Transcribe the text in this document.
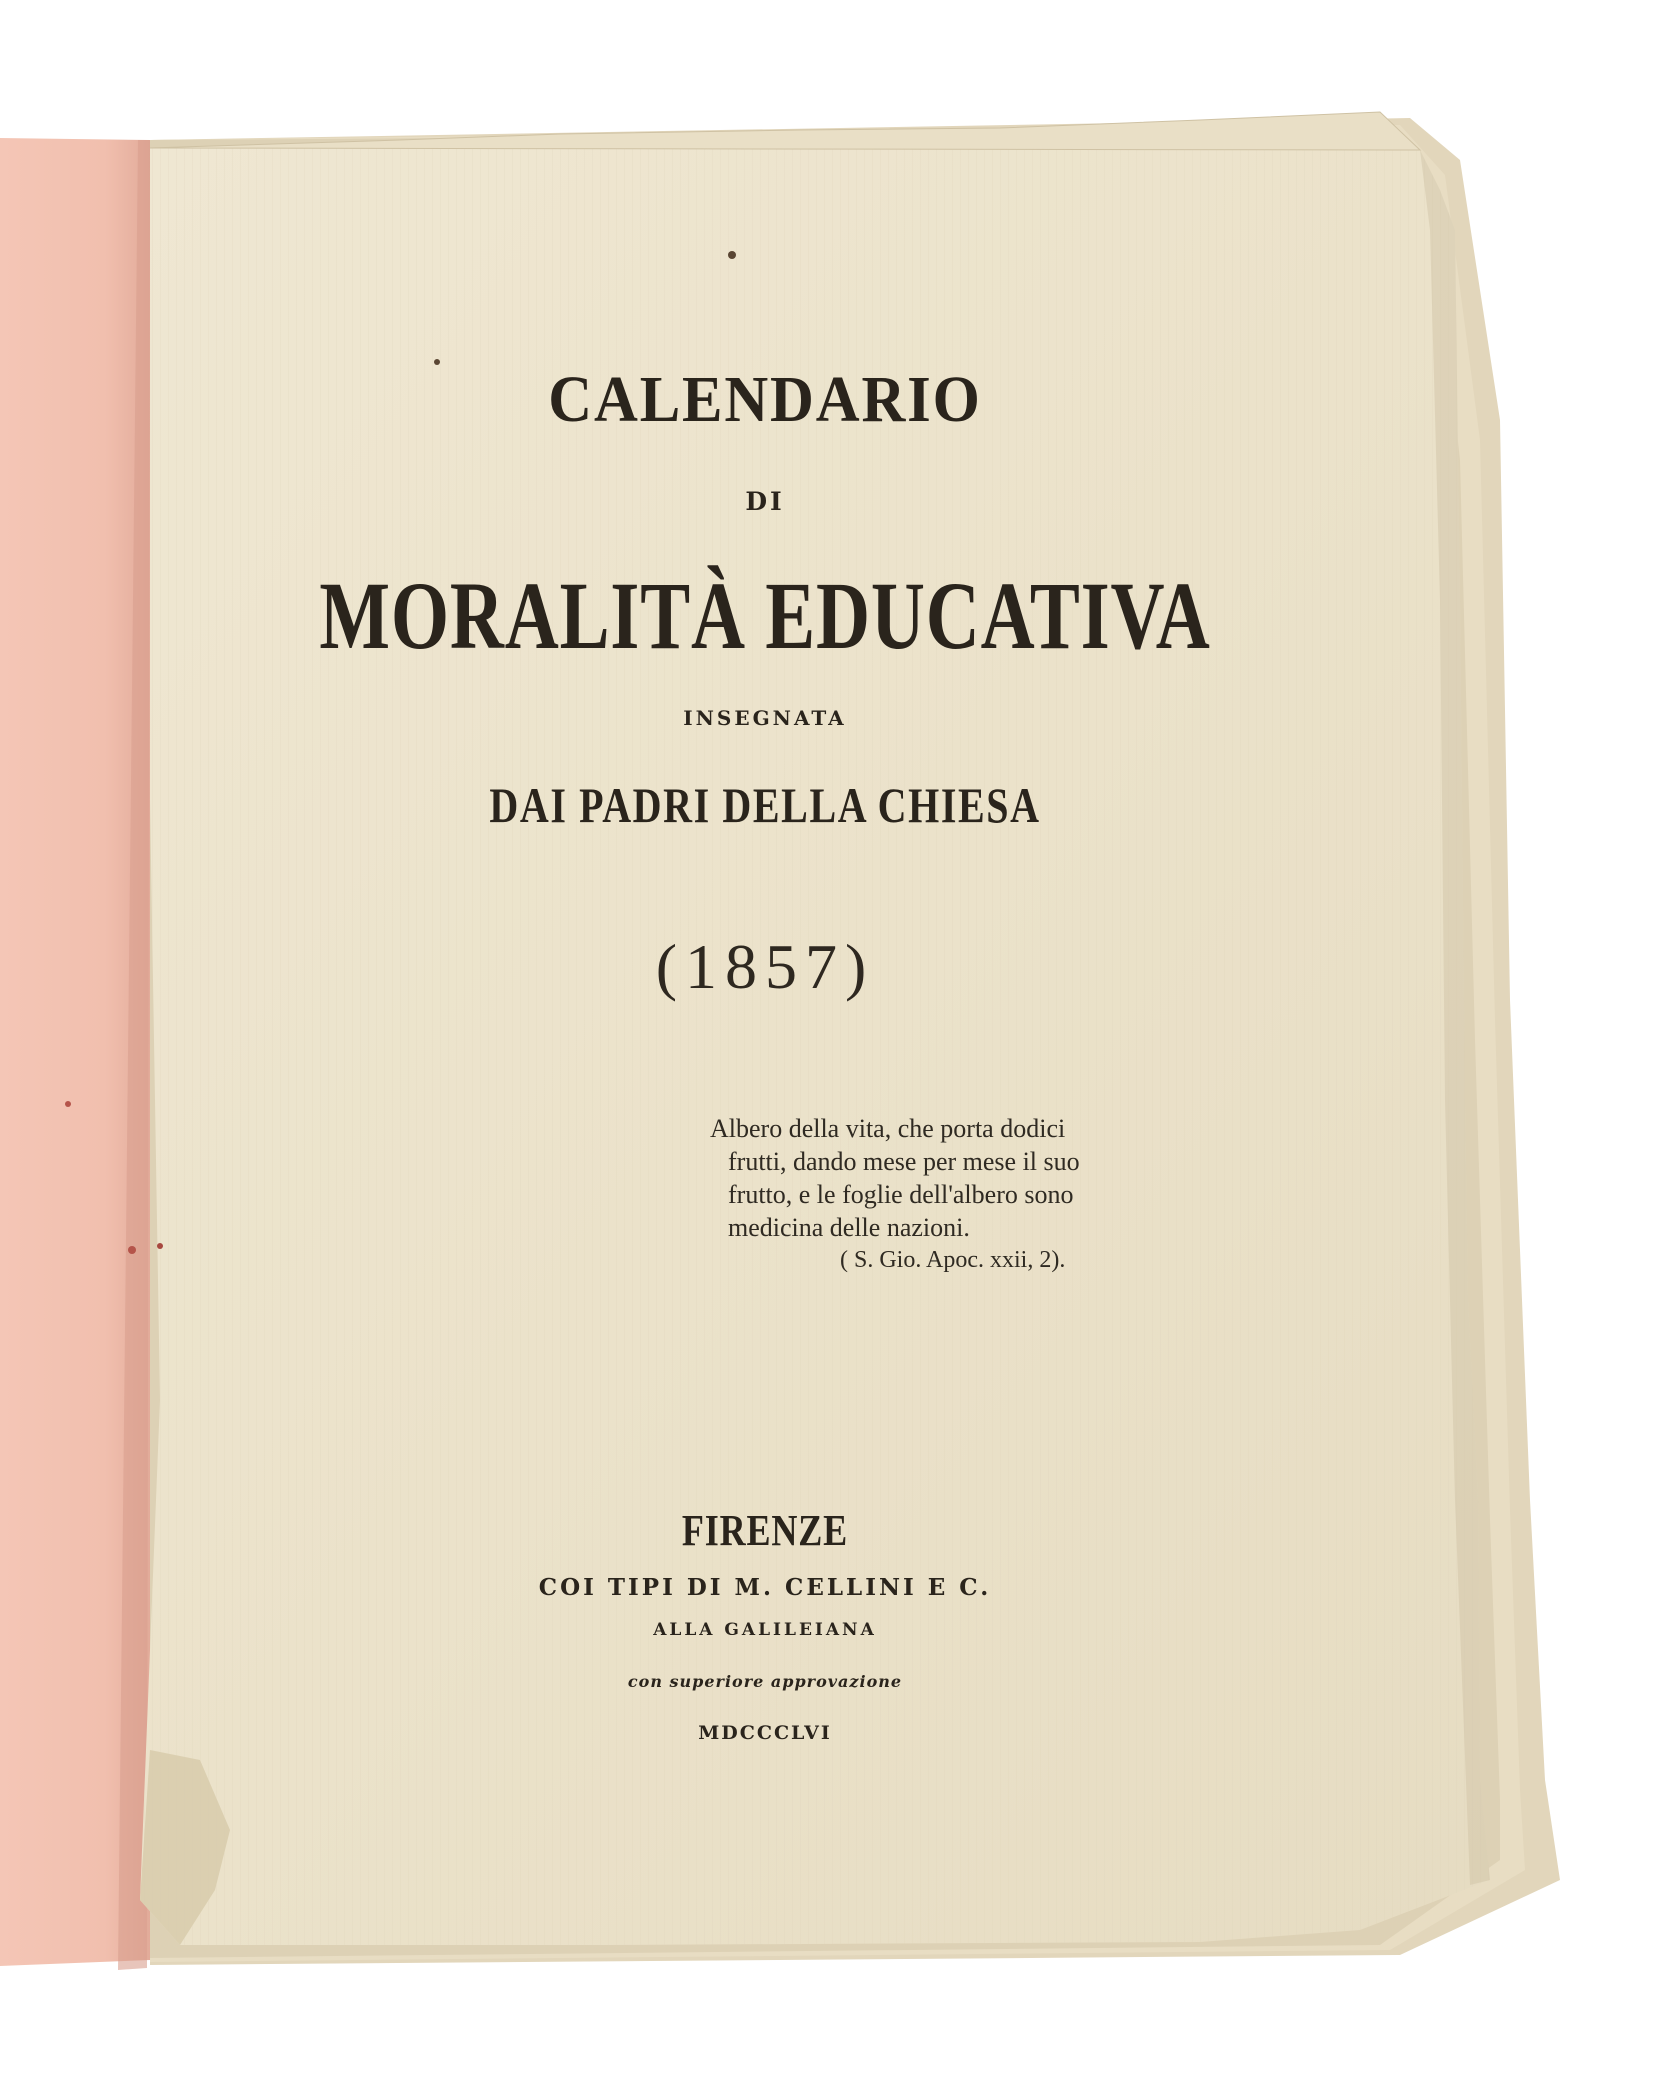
CALENDARIO
DI
MORALITÀ EDUCATIVA
INSEGNATA
DAI PADRI DELLA CHIESA
(1857)
Albero della vita, che porta dodici
frutti, dando mese per mese il suo
frutto, e le foglie dell'albero sono
medicina delle nazioni.
( S. Gio. Apoc. xxii, 2).
FIRENZE
COI TIPI DI M. CELLINI E C.
ALLA GALILEIANA
con superiore approvazione
MDCCCLVI
